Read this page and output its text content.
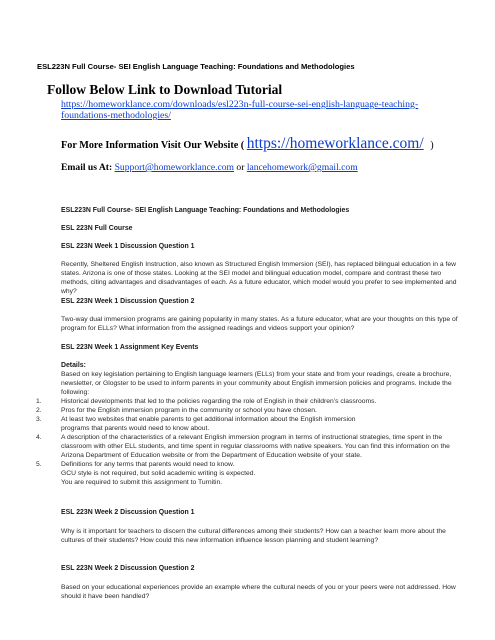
ESL223N Full Course- SEI English Language Teaching: Foundations and Methodologies
Follow Below Link to Download Tutorial
https://homeworklance.com/downloads/esl223n-full-course-sei-english-language-teaching-foundations-methodologies/
For More Information Visit Our Website ( https://homeworklance.com/ )
Email us At: Support@homeworklance.com or lancehomework@gmail.com
ESL223N Full Course- SEI English Language Teaching: Foundations and Methodologies
ESL 223N Full Course
ESL 223N Week 1 Discussion Question 1
Recently, Sheltered English Instruction, also known as Structured English Immersion (SEI), has replaced bilingual education in a few states. Arizona is one of those states. Looking at the SEI model and bilingual education model, compare and contrast these two methods, citing advantages and disadvantages of each. As a future educator, which model would you prefer to see implemented and why?
ESL 223N Week 1 Discussion Question 2
Two-way dual immersion programs are gaining popularity in many states. As a future educator, what are your thoughts on this type of program for ELLs? What information from the assigned readings and videos support your opinion?
ESL 223N Week 1 Assignment Key Events
Details:
Based on key legislation pertaining to English language learners (ELLs) from your state and from your readings, create a brochure, newsletter, or Glogster to be used to inform parents in your community about English immersion policies and programs. Include the following:
1.	Historical developments that led to the policies regarding the role of English in their children’s classrooms.
2.	Pros for the English immersion program in the community or school you have chosen.
3.	At least two websites that enable parents to get additional information about the English immersion
programs that parents would need to know about.
4.	A description of the characteristics of a relevant English immersion program in terms of instructional strategies, time spent in the classroom with other ELL students, and time spent in regular classrooms with native speakers. You can find this information on the Arizona Department of Education website or from the Department of Education website of your state.
5.	Definitions for any terms that parents would need to know.
GCU style is not required, but solid academic writing is expected.
You are required to submit this assignment to Turnitin.
ESL 223N Week 2 Discussion Question 1
Why is it important for teachers to discern the cultural differences among their students? How can a teacher learn more about the cultures of their students? How could this new information influence lesson planning and student learning?
ESL 223N Week 2 Discussion Question 2
Based on your educational experiences provide an example where the cultural needs of you or your peers were not addressed. How should it have been handled?
